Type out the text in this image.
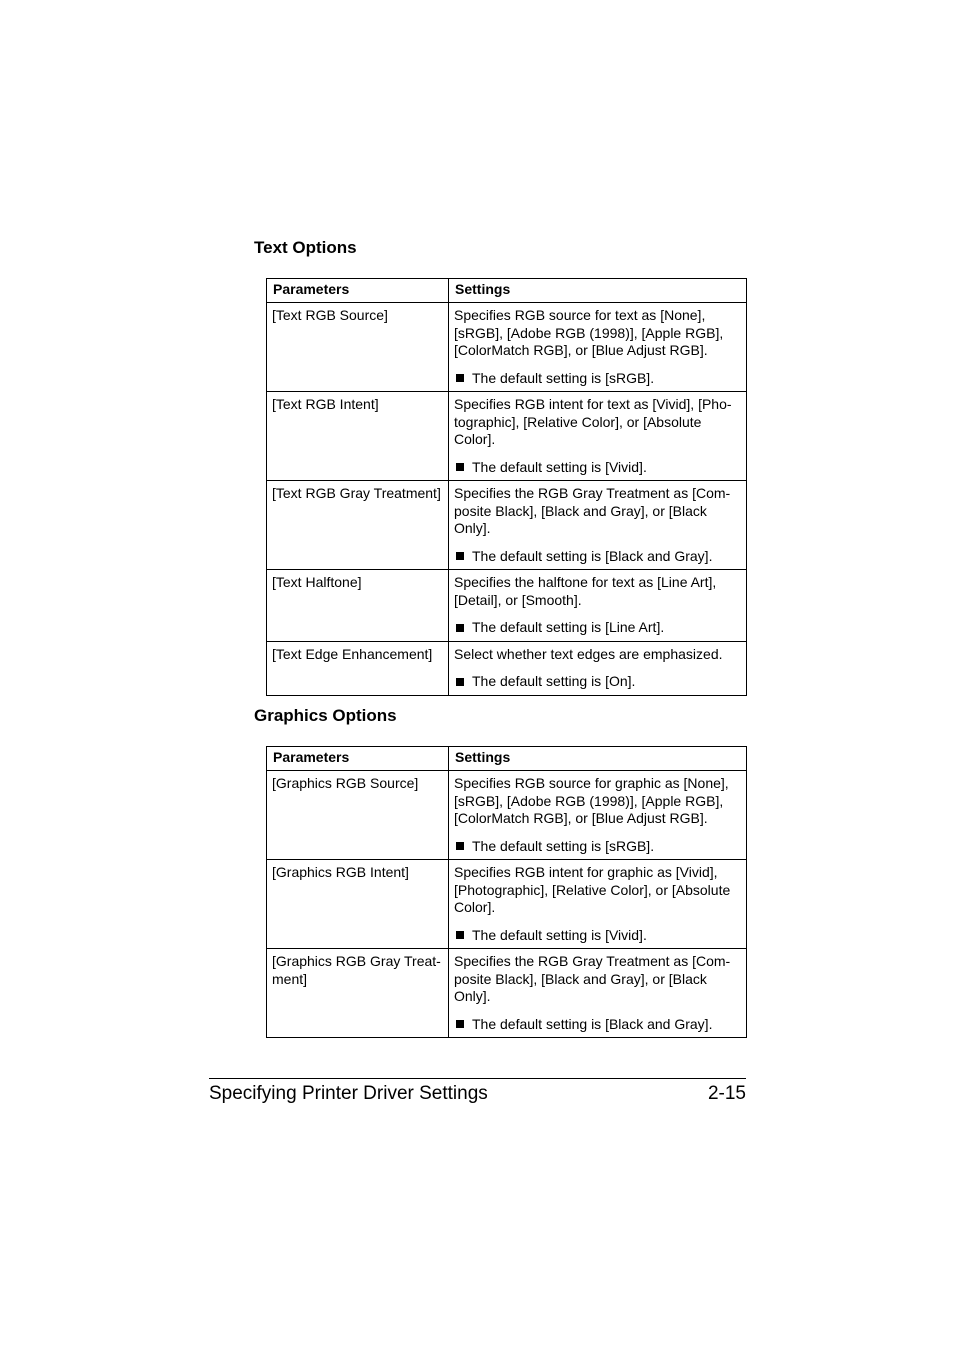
Text Options
Parameters	Settings
[Text RGB Source]	Specifies RGB source for text as [None], [sRGB], [Adobe RGB (1998)], [Apple RGB], [ColorMatch RGB], or [Blue Adjust RGB].

The default setting is [sRGB].

[Text RGB Intent]	Specifies RGB intent for text as [Vivid], [Photographic], [Relative Color], or [Absolute Color].

The default setting is [Vivid].

[Text RGB Gray Treatment]	Specifies the RGB Gray Treatment as [Composite Black], [Black and Gray], or [Black Only].

The default setting is [Black and Gray].

[Text Halftone]	Specifies the halftone for text as [Line Art], [Detail], or [Smooth].

The default setting is [Line Art].

[Text Edge Enhancement]	Select whether text edges are emphasized.

The default setting is [On].

Graphics Options
Parameters	Settings
[Graphics RGB Source]	Specifies RGB source for graphic as [None], [sRGB], [Adobe RGB (1998)], [Apple RGB], [ColorMatch RGB], or [Blue Adjust RGB].

The default setting is [sRGB].

[Graphics RGB Intent]	Specifies RGB intent for graphic as [Vivid], [Photographic], [Relative Color], or [Absolute Color].

The default setting is [Vivid].

[Graphics RGB Gray Treatment]	Specifies the RGB Gray Treatment as [Composite Black], [Black and Gray], or [Black Only].

The default setting is [Black and Gray].

Specifying Printer Driver Settings	2-15
